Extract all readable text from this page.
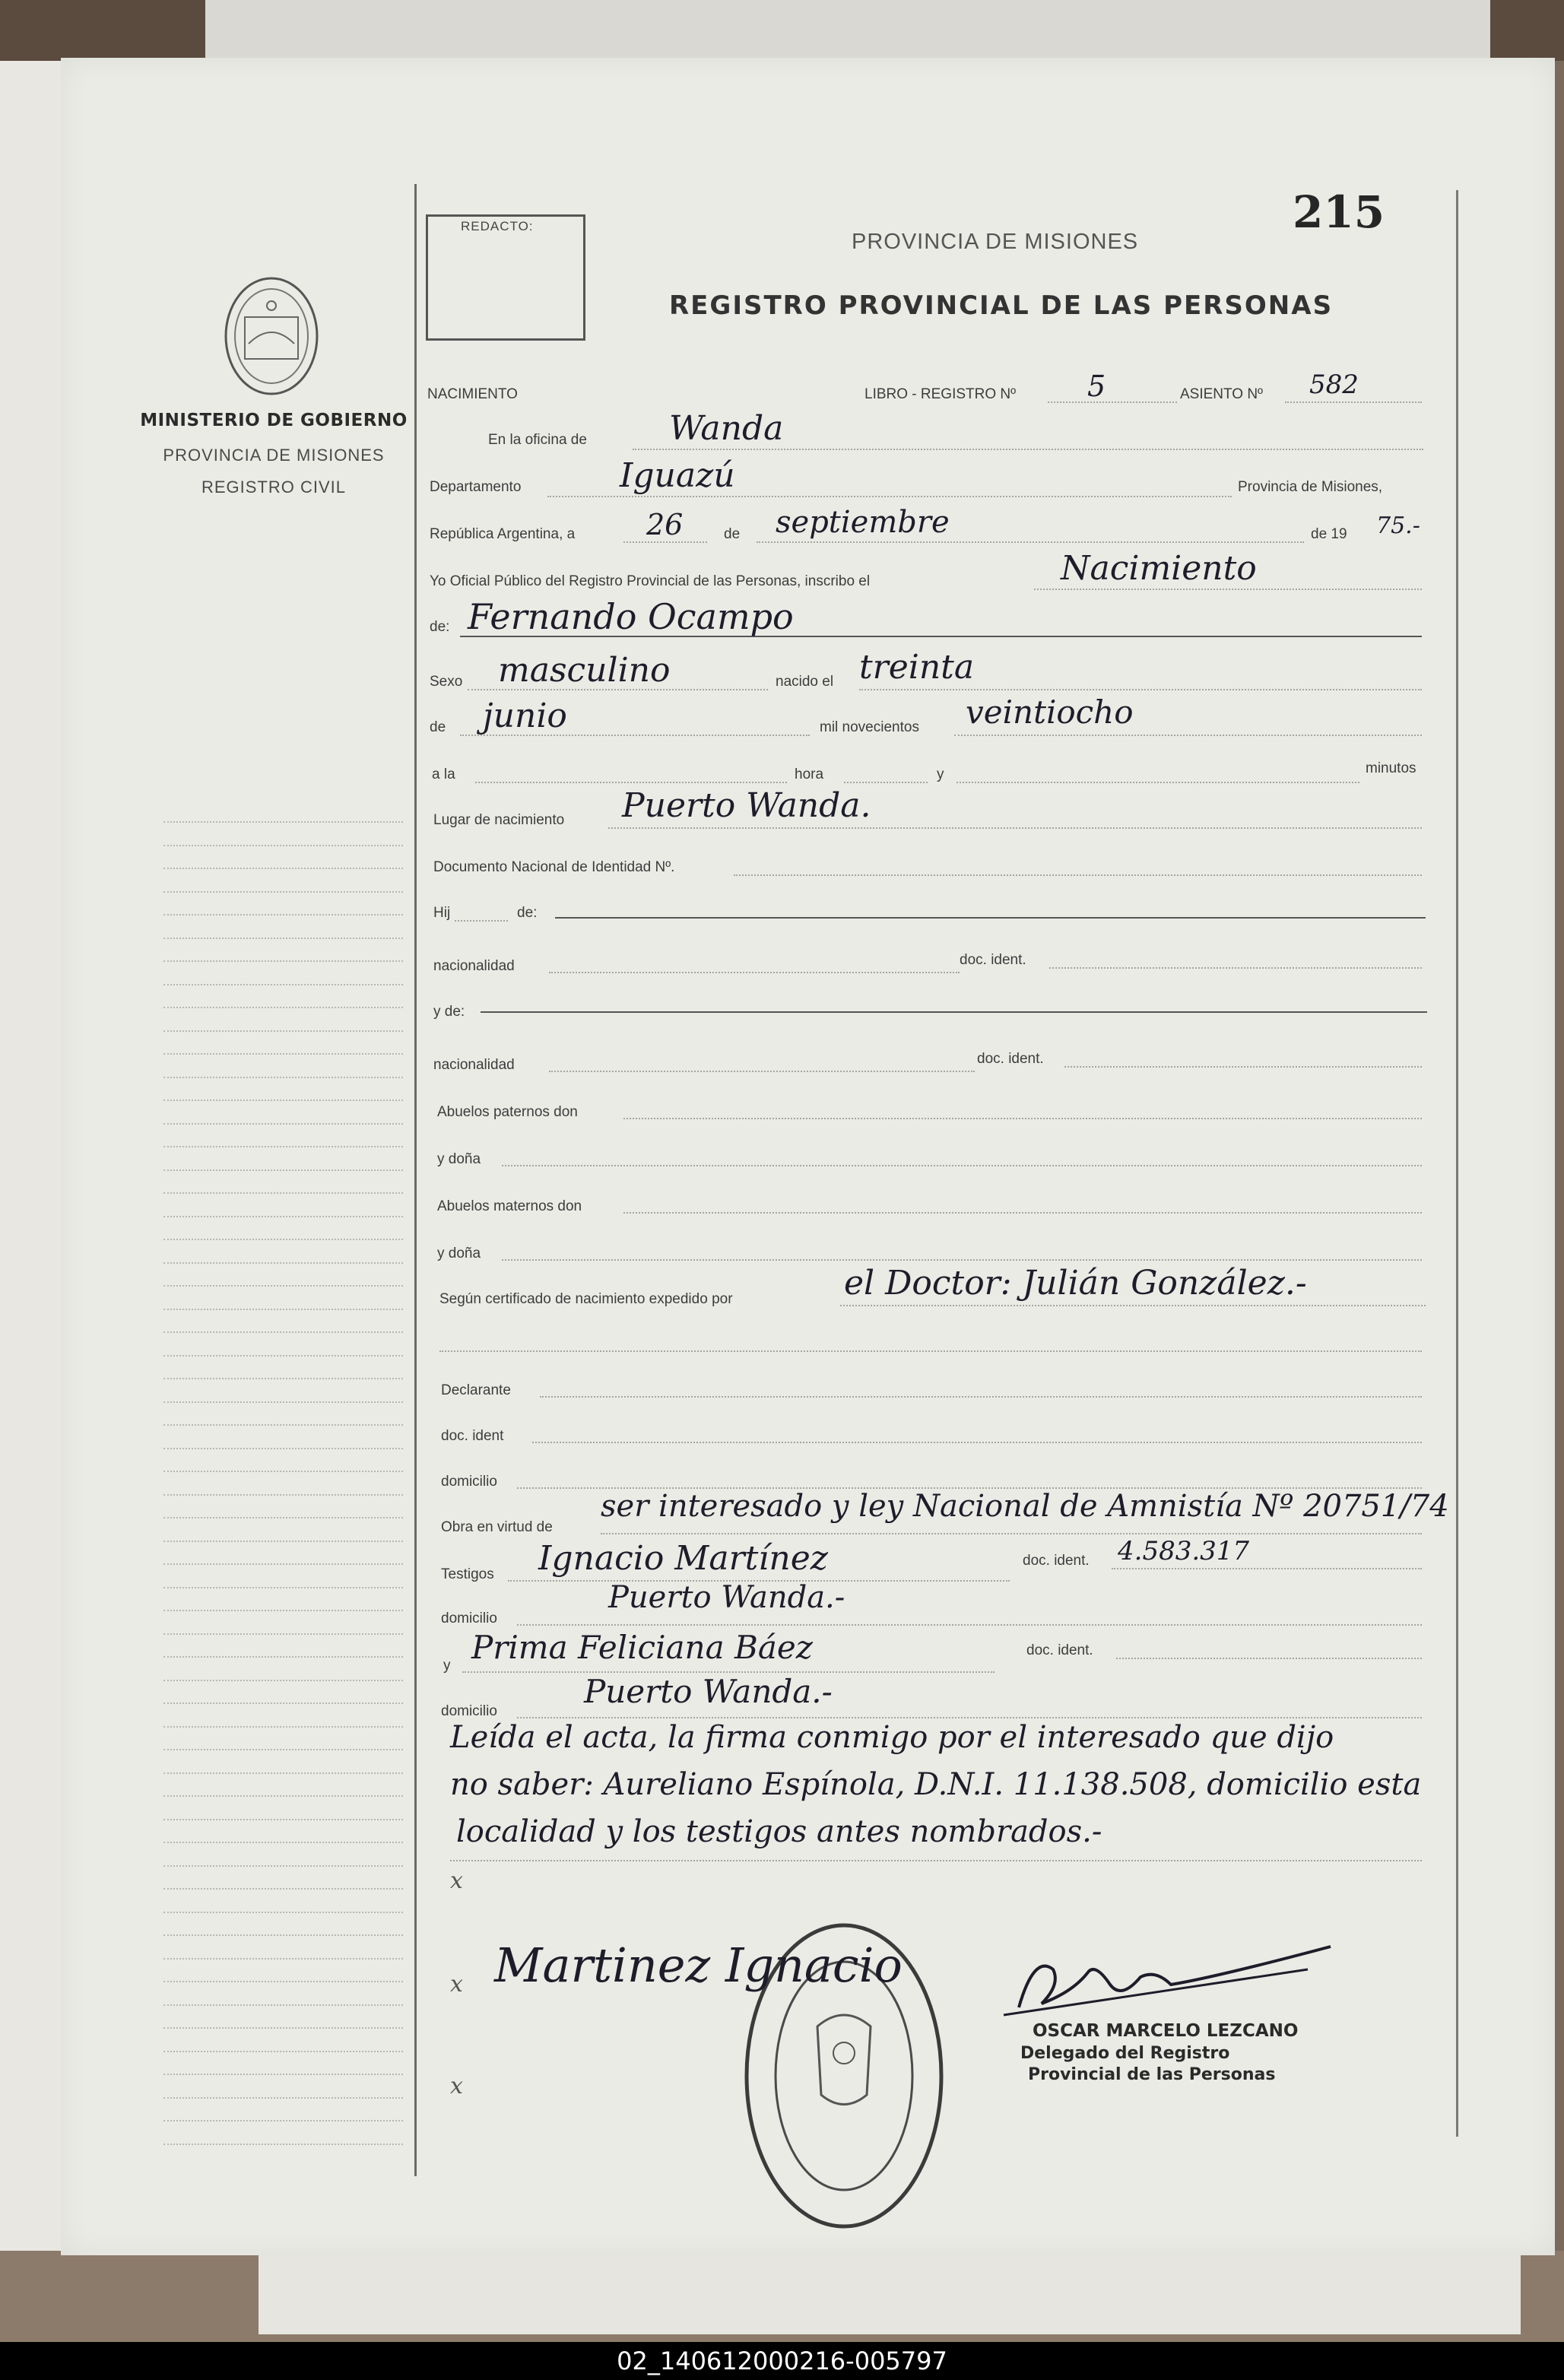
MINISTERIO DE GOBIERNO
PROVINCIA DE MISIONES
REGISTRO CIVIL
REDACTO:	215
PROVINCIA DE MISIONES
REGISTRO PROVINCIAL DE LAS PERSONAS
NACIMIENTO	LIBRO - REGISTRO Nº 5	ASIENTO Nº 582
En la oficina de Wanda
Departamento	Iguazú	Provincia de Misiones,
República Argentina, a 26	de septiembre	de 19 75.-
Yo Oficial Público del Registro Provincial de las Personas, inscribo el	Nacimiento
de: Fernando Ocampo
Sexo masculino	nacido el treinta
de junio	mil novecientos veintiocho
a la	hora	y	minutos
Lugar de nacimiento Puerto Wanda.
Documento Nacional de Identidad Nº.
Hij	de:
nacionalidad	doc. ident.
y de:
nacionalidad	doc. ident.
Abuelos paternos don
y doña
Abuelos maternos don
y doña
Según certificado de nacimiento expedido por	el Doctor: Julián González.-
Declarante
doc. ident
domicilio
Obra en virtud de
ser interesado y ley Nacional de Amnistía Nº 20751/74
Testigos Ignacio Martínez	doc. ident. 4.583.317
domicilio
Puerto Wanda.-
y Prima Feliciana Báez	doc. ident.
domicilio
Puerto Wanda.-
Leída el acta, la firma conmigo por el interesado que dijo
no saber: Aureliano Espínola, D.N.I. 11.138.508, domicilio esta
localidad y los testigos antes nombrados.-
x
x
x
Martinez Ignacio
OSCAR MARCELO LEZCANO
Delegado del Registro
Provincial de las Personas
02_140612000216-005797
